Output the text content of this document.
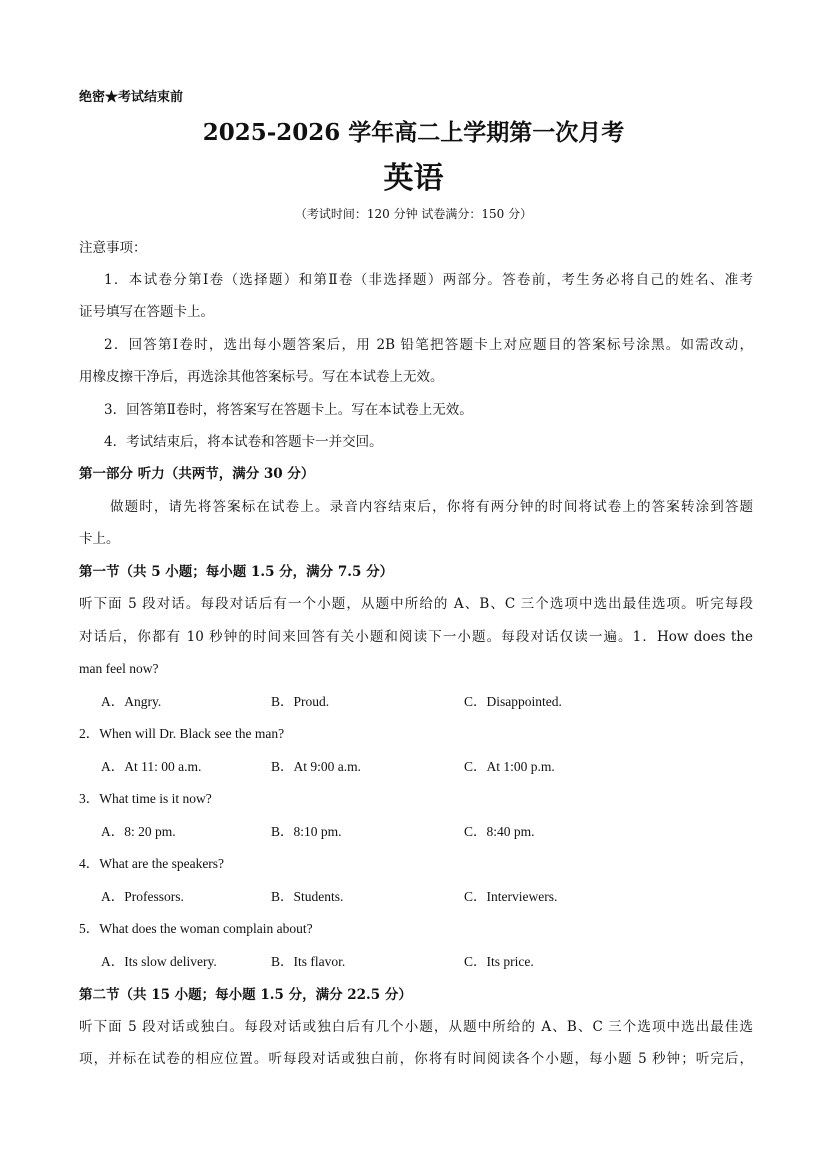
绝密★考试结束前
2025-2026 学年高二上学期第一次月考
英语
（考试时间：120 分钟 试卷满分：150 分）
注意事项：
1．本试卷分第Ⅰ卷（选择题）和第Ⅱ卷（非选择题）两部分。答卷前，考生务必将自己的姓名、准考
证号填写在答题卡上。
2．回答第Ⅰ卷时，选出每小题答案后，用 2B 铅笔把答题卡上对应题目的答案标号涂黑。如需改动，
用橡皮擦干净后，再选涂其他答案标号。写在本试卷上无效。
3．回答第Ⅱ卷时，将答案写在答题卡上。写在本试卷上无效。
4．考试结束后，将本试卷和答题卡一并交回。
第一部分 听力（共两节，满分 30 分）
做题时，请先将答案标在试卷上。录音内容结束后，你将有两分钟的时间将试卷上的答案转涂到答题
卡上。
第一节（共 5 小题；每小题 1.5 分，满分 7.5 分）
听下面 5 段对话。每段对话后有一个小题，从题中所给的 A、B、C 三个选项中选出最佳选项。听完每段
对话后，你都有 10 秒钟的时间来回答有关小题和阅读下一小题。每段对话仅读一遍。1．How does the
man feel now?
A．Angry.	B．Proud.	C．Disappointed.
2．When will Dr. Black see the man?
A．At 11: 00 a.m.	B．At 9:00 a.m.	C．At 1:00 p.m.
3．What time is it now?
A．8: 20 pm.	B．8:10 pm.	C．8:40 pm.
4．What are the speakers?
A．Professors.	B．Students.	C．Interviewers.
5．What does the woman complain about?
A．Its slow delivery.	B．Its flavor.	C．Its price.
第二节（共 15 小题；每小题 1.5 分，满分 22.5 分）
听下面 5 段对话或独白。每段对话或独白后有几个小题，从题中所给的 A、B、C 三个选项中选出最佳选
项，并标在试卷的相应位置。听每段对话或独白前，你将有时间阅读各个小题，每小题 5 秒钟；听完后，
